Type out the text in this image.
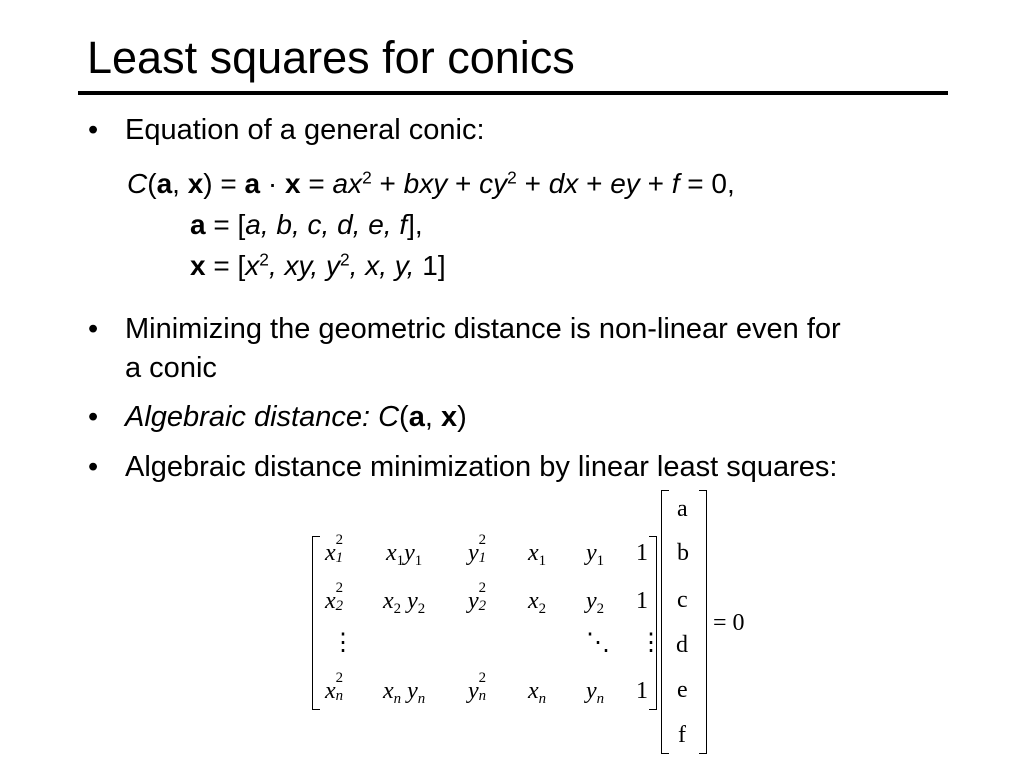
Least squares for conics
• Equation of a general conic:
C(a, $x) = a \cdot x = ax^2$ + bxy + $cy^2$ + dx + ey + f = 0,
a = [a, b, c, d, e, f],
$x = [x^2$, xy, $y^2$, x, y, 1]
• Minimizing the geometric distance is non-linear even for
a conic
• Algebraic distance: C(a, x)
• Algebraic distance minimization by linear least squares:
x 2
1
$x_1y_1$ y 2
1
$x_1$ $y_1$ 1
x 2
2
$x_2$ $y_2$ y 2
2
$x_2$ $y_2$ 1
⋮	⋱ ⋮
x 2
n
$x_n$ $y_n$ y 2
n
$x_n$ $y_n$ 1
a
b
c
d
e
f
= 0
